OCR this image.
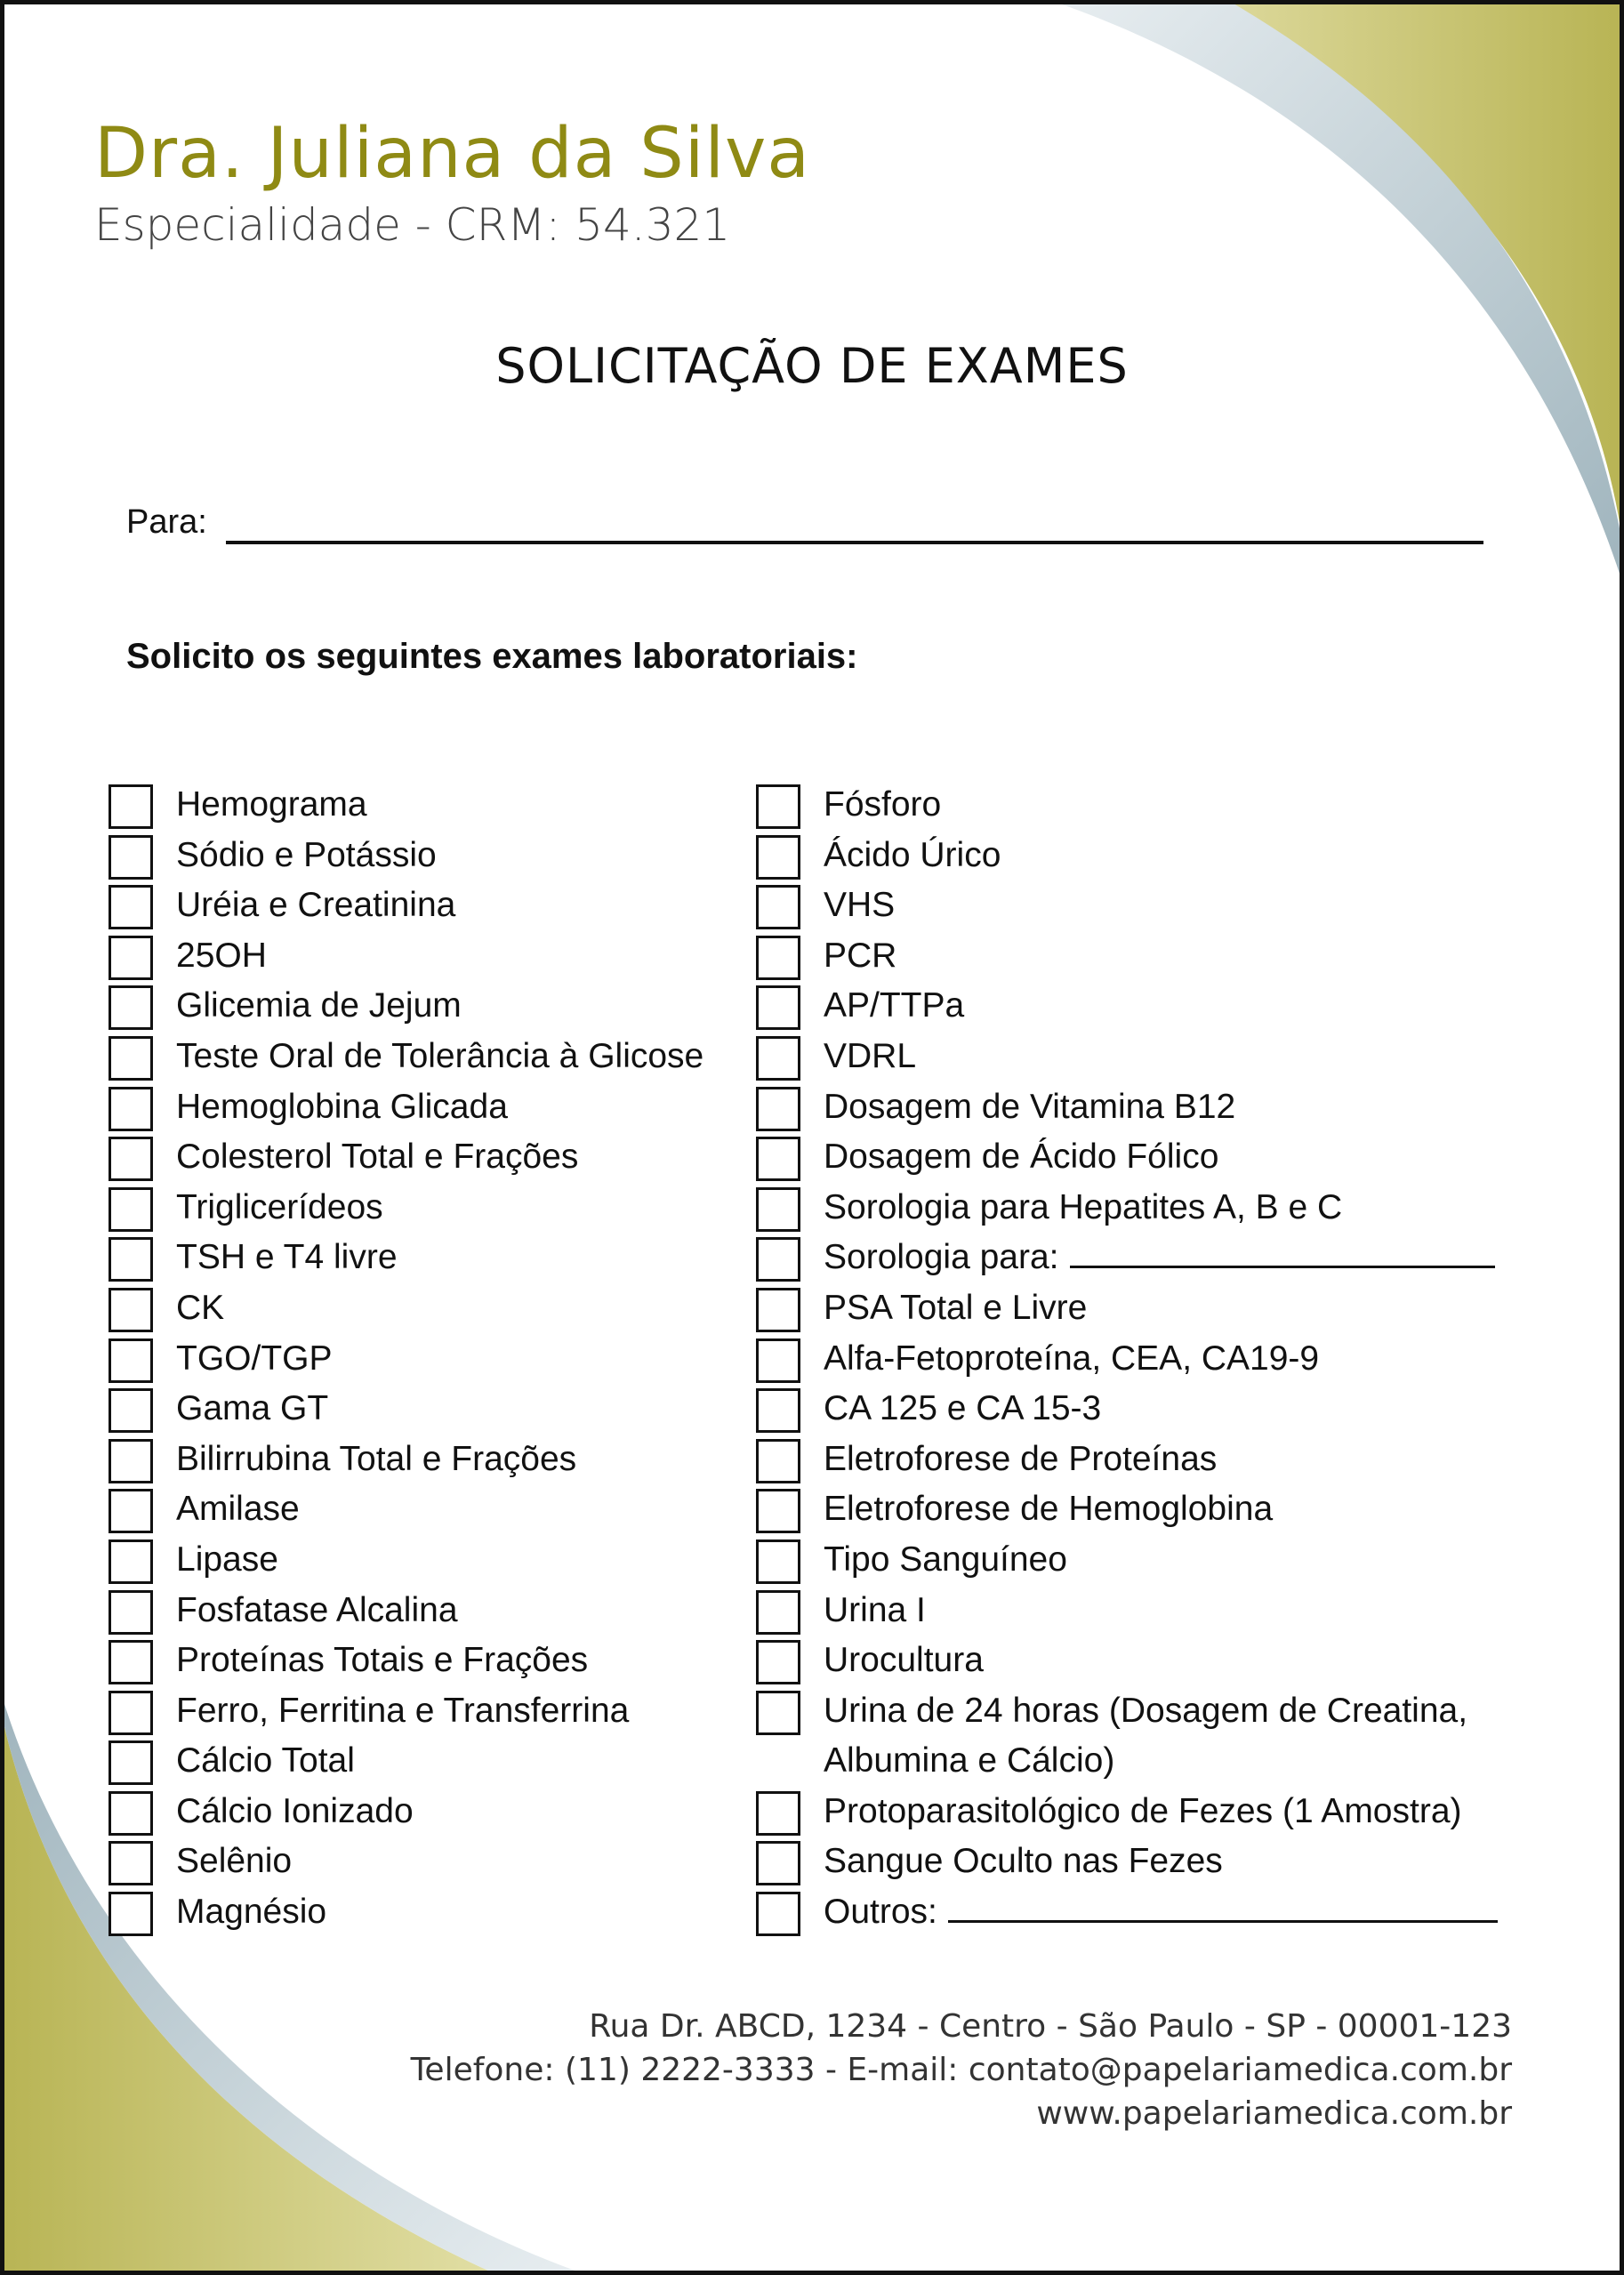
Dra. Juliana da Silva
Especialidade - CRM: 54.321
SOLICITAÇÃO DE EXAMES
Para:
Solicito os seguintes exames laboratoriais:
Hemograma
Sódio e Potássio
Uréia e Creatinina
25OH
Glicemia de Jejum
Teste Oral de Tolerância à Glicose
Hemoglobina Glicada
Colesterol Total e Frações
Triglicerídeos
TSH e T4 livre
CK
TGO/TGP
Gama GT
Bilirrubina Total e Frações
Amilase
Lipase
Fosfatase Alcalina
Proteínas Totais e Frações
Ferro, Ferritina e Transferrina
Cálcio Total
Cálcio Ionizado
Selênio
Magnésio
Fósforo
Ácido Úrico
VHS
PCR
AP/TTPa
VDRL
Dosagem de Vitamina B12
Dosagem de Ácido Fólico
Sorologia para Hepatites A, B e C
Sorologia para:
PSA Total e Livre
Alfa-Fetoproteína, CEA, CA19-9
CA 125 e CA 15-3
Eletroforese de Proteínas
Eletroforese de Hemoglobina
Tipo Sanguíneo
Urina I
Urocultura
Urina de 24 horas (Dosagem de Creatina,
Albumina e Cálcio)
Protoparasitológico de Fezes (1 Amostra)
Sangue Oculto nas Fezes
Outros:
Rua Dr. ABCD, 1234 - Centro - São Paulo - SP - 00001-123
Telefone: (11) 2222-3333 - E-mail: contato@papelariamedica.com.br
www.papelariamedica.com.br
